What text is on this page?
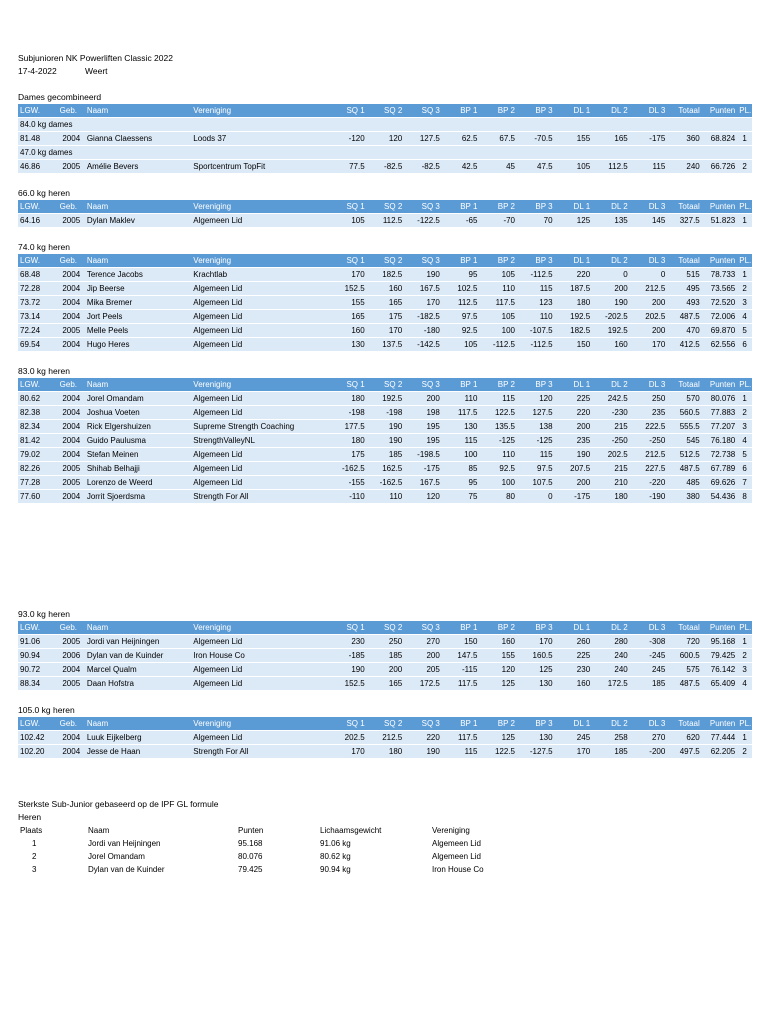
Subjunioren NK Powerliften Classic 2022
17-4-2022	Weert
Dames gecombineerd
LGW.	Geb.	Naam	Vereniging	SQ 1	SQ 2	SQ 3	BP 1	BP 2	BP 3	DL 1	DL 2	DL 3	Totaal	Punten	PL.
84.0 kg dames															
81.48	2004	Gianna Claessens	Loods 37	-120	120	127.5	62.5	67.5	-70.5	155	165	-175	360	68.824	1
47.0 kg dames															
46.86	2005	Amélie Bevers	Sportcentrum TopFit	77.5	-82.5	-82.5	42.5	45	47.5	105	112.5	115	240	66.726	2
66.0 kg heren
LGW.	Geb.	Naam	Vereniging	SQ 1	SQ 2	SQ 3	BP 1	BP 2	BP 3	DL 1	DL 2	DL 3	Totaal	Punten	PL.
64.16	2005	Dylan Maklev	Algemeen Lid	105	112.5	-122.5	-65	-70	70	125	135	145	327.5	51.823	1
74.0 kg heren
LGW.	Geb.	Naam	Vereniging	SQ 1	SQ 2	SQ 3	BP 1	BP 2	BP 3	DL 1	DL 2	DL 3	Totaal	Punten	PL.
68.48	2004	Terence Jacobs	Krachtlab	170	182.5	190	95	105	-112.5	220	0	0	515	78.733	1
72.28	2004	Jip Beerse	Algemeen Lid	152.5	160	167.5	102.5	110	115	187.5	200	212.5	495	73.565	2
73.72	2004	Mika Bremer	Algemeen Lid	155	165	170	112.5	117.5	123	180	190	200	493	72.520	3
73.14	2004	Jort Peels	Algemeen Lid	165	175	-182.5	97.5	105	110	192.5	-202.5	202.5	487.5	72.006	4
72.24	2005	Melle Peels	Algemeen Lid	160	170	-180	92.5	100	-107.5	182.5	192.5	200	470	69.870	5
69.54	2004	Hugo Heres	Algemeen Lid	130	137.5	-142.5	105	-112.5	-112.5	150	160	170	412.5	62.556	6
83.0 kg heren
LGW.	Geb.	Naam	Vereniging	SQ 1	SQ 2	SQ 3	BP 1	BP 2	BP 3	DL 1	DL 2	DL 3	Totaal	Punten	PL.
80.62	2004	Jorel Omandam	Algemeen Lid	180	192.5	200	110	115	120	225	242.5	250	570	80.076	1
82.38	2004	Joshua Voeten	Algemeen Lid	-198	-198	198	117.5	122.5	127.5	220	-230	235	560.5	77.883	2
82.34	2004	Rick Elgershuizen	Supreme Strength Coaching	177.5	190	195	130	135.5	138	200	215	222.5	555.5	77.207	3
81.42	2004	Guido Paulusma	StrengthValleyNL	180	190	195	115	-125	-125	235	-250	-250	545	76.180	4
79.02	2004	Stefan Meinen	Algemeen Lid	175	185	-198.5	100	110	115	190	202.5	212.5	512.5	72.738	5
82.26	2005	Shihab Belhajji	Algemeen Lid	-162.5	162.5	-175	85	92.5	97.5	207.5	215	227.5	487.5	67.789	6
77.28	2005	Lorenzo de Weerd	Algemeen Lid	-155	-162.5	167.5	95	100	107.5	200	210	-220	485	69.626	7
77.60	2004	Jorrit Sjoerdsma	Strength For All	-110	110	120	75	80	0	-175	180	-190	380	54.436	8
93.0 kg heren
LGW.	Geb.	Naam	Vereniging	SQ 1	SQ 2	SQ 3	BP 1	BP 2	BP 3	DL 1	DL 2	DL 3	Totaal	Punten	PL.
91.06	2005	Jordi van Heijningen	Algemeen Lid	230	250	270	150	160	170	260	280	-308	720	95.168	1
90.94	2006	Dylan van de Kuinder	Iron House Co	-185	185	200	147.5	155	160.5	225	240	-245	600.5	79.425	2
90.72	2004	Marcel Qualm	Algemeen Lid	190	200	205	-115	120	125	230	240	245	575	76.142	3
88.34	2005	Daan Hofstra	Algemeen Lid	152.5	165	172.5	117.5	125	130	160	172.5	185	487.5	65.409	4
105.0 kg heren
LGW.	Geb.	Naam	Vereniging	SQ 1	SQ 2	SQ 3	BP 1	BP 2	BP 3	DL 1	DL 2	DL 3	Totaal	Punten	PL.
102.42	2004	Luuk Eijkelberg	Algemeen Lid	202.5	212.5	220	117.5	125	130	245	258	270	620	77.444	1
102.20	2004	Jesse de Haan	Strength For All	170	180	190	115	122.5	-127.5	170	185	-200	497.5	62.205	2
Sterkste Sub-Junior gebaseerd op de IPF GL formule
Heren
Plaats	Naam	Punten	Lichaamsgewicht	Vereniging
1	Jordi van Heijningen	95.168	91.06 kg	Algemeen Lid
2	Jorel Omandam	80.076	80.62 kg	Algemeen Lid
3	Dylan van de Kuinder	79.425	90.94 kg	Iron House Co
